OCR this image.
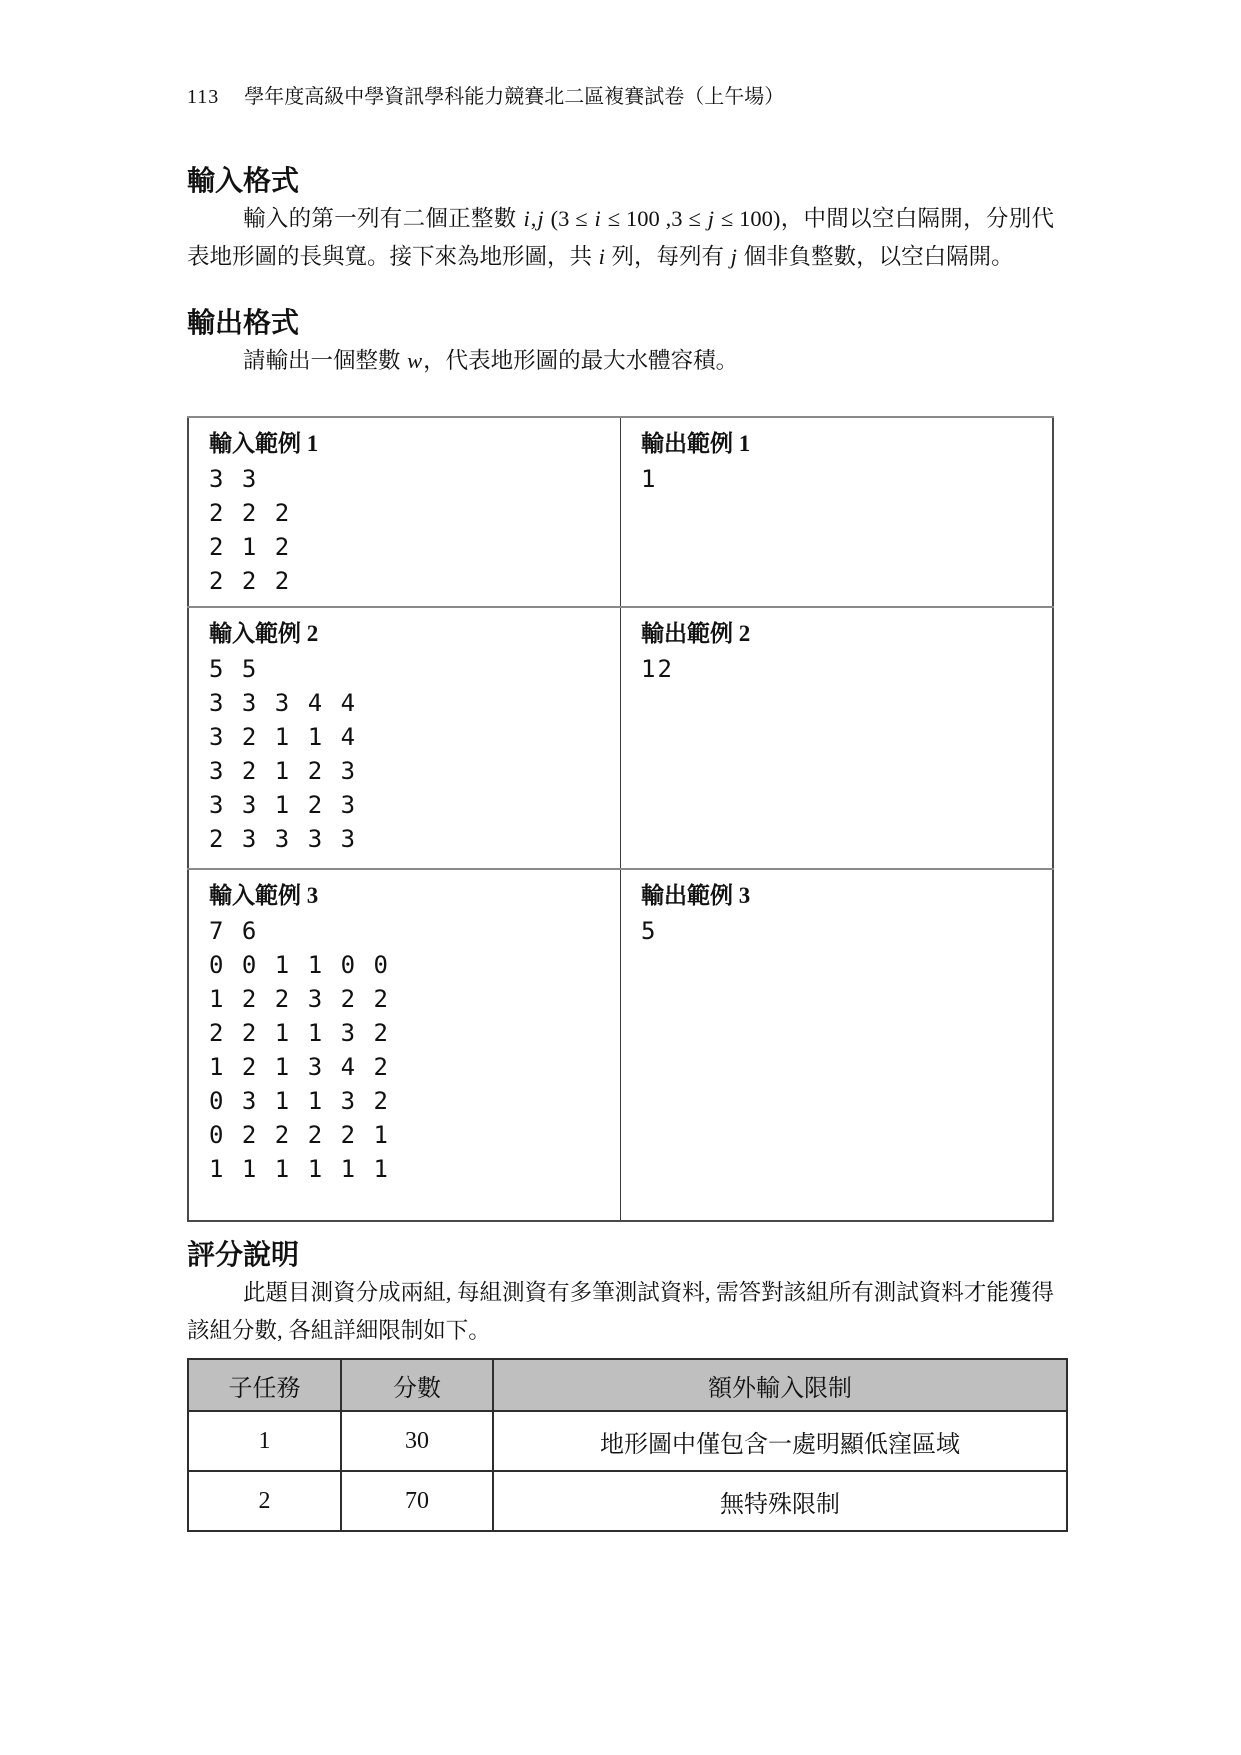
113 學年度高級中學資訊學科能力競賽北二區複賽試卷（上午場）
輸入格式

輸入的第一列有二個正整數 i,j (3 ≤ i ≤ 100 ,3 ≤ j ≤ 100)，中間以空白隔開，分別代表地形圖的長與寬。接下來為地形圖，共 i 列，每列有 j 個非負整數，以空白隔開。

輸出格式

請輸出一個整數 w，代表地形圖的最大水體容積。

輸入範例 1
3 3
2 2 2
2 1 2
2 2 2

輸出範例 1
1

輸入範例 2
5 5
3 3 3 4 4
3 2 1 1 4
3 2 1 2 3
3 3 1 2 3
2 3 3 3 3

輸出範例 2
12

輸入範例 3
7 6
0 0 1 1 0 0
1 2 2 3 2 2
2 2 1 1 3 2
1 2 1 3 4 2
0 3 1 1 3 2
0 2 2 2 2 1
1 1 1 1 1 1

輸出範例 3
5
評分說明

此題目測資分成兩組, 每組測資有多筆測試資料, 需答對該組所有測試資料才能獲得該組分數, 各組詳細限制如下。

子任務	分數	額外輸入限制
1	30	地形圖中僅包含一處明顯低窪區域
2	70	無特殊限制
